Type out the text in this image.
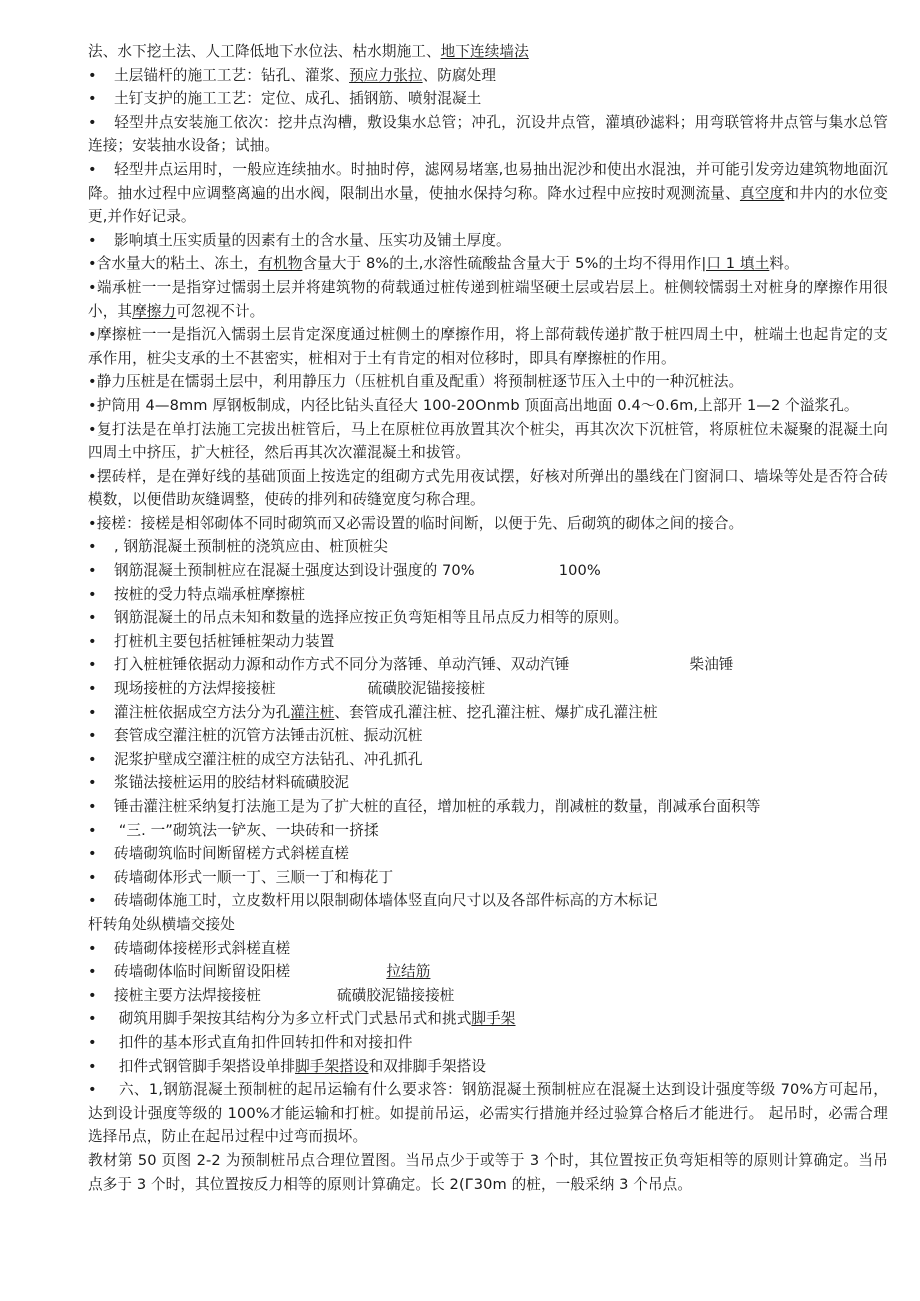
法、水下挖土法、人工降低地下水位法、枯水期施工、地下连续墙法
• 土层锚杆的施工工艺：钻孔、灌浆、预应力张拉、防腐处理
• 土钉支护的施工工艺：定位、成孔、插钢筋、喷射混凝土
• 轻型井点安装施工依次：挖井点沟槽，敷设集水总管；冲孔，沉设井点管，灌填砂滤料；用弯联管将井点管与集水总管连接；安装抽水设备；试抽。
• 轻型井点运用时，一般应连续抽水。时抽时停，滤网易堵塞,也易抽出泥沙和使出水混浊，并可能引发旁边建筑物地面沉降。抽水过程中应调整离遍的出水阀，限制出水量，使抽水保持匀称。降水过程中应按时观测流量、真空度和井内的水位变更,并作好记录。
• 影响填土压实质量的因素有土的含水量、压实功及铺土厚度。
•含水量大的粘土、冻土，有机物含量大于 8%的土,水溶性硫酸盐含量大于 5%的土均不得用作|口 1 填土料。
•端承桩一一是指穿过懦弱土层并将建筑物的荷载通过桩传递到桩端坚硬土层或岩层上。桩侧较懦弱土对桩身的摩擦作用很小，其摩擦力可忽视不计。
•摩擦桩一一是指沉入懦弱土层肯定深度通过桩侧土的摩擦作用，将上部荷载传递扩散于桩四周土中，桩端土也起肯定的支承作用，桩尖支承的土不甚密实，桩相对于土有肯定的相对位移时，即具有摩擦桩的作用。
•静力压桩是在懦弱土层中，利用静压力（压桩机自重及配重）将预制桩逐节压入土中的一种沉桩法。
•护筒用 4—8mm 厚钢板制成，内径比钻头直径大 100-20Onmb 顶面高出地面 0.4～0.6m,上部开 1—2 个溢浆孔。
•复打法是在单打法施工完拔出桩管后，马上在原桩位再放置其次个桩尖，再其次次下沉桩管，将原桩位未凝聚的混凝土向四周土中挤压，扩大桩径，然后再其次次灌混凝土和拔管。
•摆砖样，是在弹好线的基础顶面上按选定的组砌方式先用夜试摆，好核对所弹出的墨线在门窗洞口、墙垛等处是否符合砖模数，以便借助灰缝调整，使砖的排列和砖缝宽度匀称合理。
•接槎：接槎是相邻砌体不同时砌筑而又必需设置的临时间断，以便于先、后砌筑的砌体之间的接合。
• , 钢筋混凝土预制桩的浇筑应由、桩顶桩尖
• 钢筋混凝土预制桩应在混凝土强度达到设计强度的 70%	100%
• 按桩的受力特点端承桩摩擦桩
• 钢筋混凝土的吊点未知和数量的选择应按正负弯矩相等且吊点反力相等的原则。
• 打桩机主要包括桩锤桩架动力装置
• 打入桩桩锤依据动力源和动作方式不同分为落锤、单动汽锤、双动汽锤	柴油锤
• 现场接桩的方法焊接接桩	硫磺胶泥锚接接桩
• 灌注桩依据成空方法分为孔灌注桩、套管成孔灌注桩、挖孔灌注桩、爆扩成孔灌注桩
• 套管成空灌注桩的沉管方法锤击沉桩、振动沉桩
• 泥浆护壁成空灌注桩的成空方法钻孔、冲孔抓孔
• 浆锚法接桩运用的胶结材料硫磺胶泥
• 锤击灌注桩采纳复打法施工是为了扩大桩的直径，增加桩的承载力，削减桩的数量，削减承台面积等
• “三. 一”砌筑法一铲灰、一块砖和一挤揉
• 砖墙砌筑临时间断留槎方式斜槎直槎
• 砖墙砌体形式一顺一丁、三顺一丁和梅花丁
• 砖墙砌体施工时，立皮数杆用以限制砌体墙体竖直向尺寸以及各部件标高的方木标记
杆转角处纵横墙交接处
• 砖墙砌体接槎形式斜槎直槎
• 砖墙砌体临时间断留设阳槎	拉结筋
• 接桩主要方法焊接接桩	硫磺胶泥锚接接桩
• 砌筑用脚手架按其结构分为多立杆式门式悬吊式和挑式脚手架
• 扣件的基本形式直角扣件回转扣件和对接扣件
• 扣件式钢管脚手架搭设单排脚手架搭设和双排脚手架搭设
• 六、1,钢筋混凝土预制桩的起吊运输有什么要求答：钢筋混凝土预制桩应在混凝土达到设计强度等级 70%方可起吊，达到设计强度等级的 100%才能运输和打桩。如提前吊运，必需实行措施并经过验算合格后才能进行。 起吊时，必需合理选择吊点，防止在起吊过程中过弯而损坏。
教材第 50 页图 2-2 为预制桩吊点合理位置图。当吊点少于或等于 3 个时，其位置按正负弯矩相等的原则计算确定。当吊点多于 3 个时，其位置按反力相等的原则计算确定。长 2(Г30m 的桩，一般采纳 3 个吊点。
